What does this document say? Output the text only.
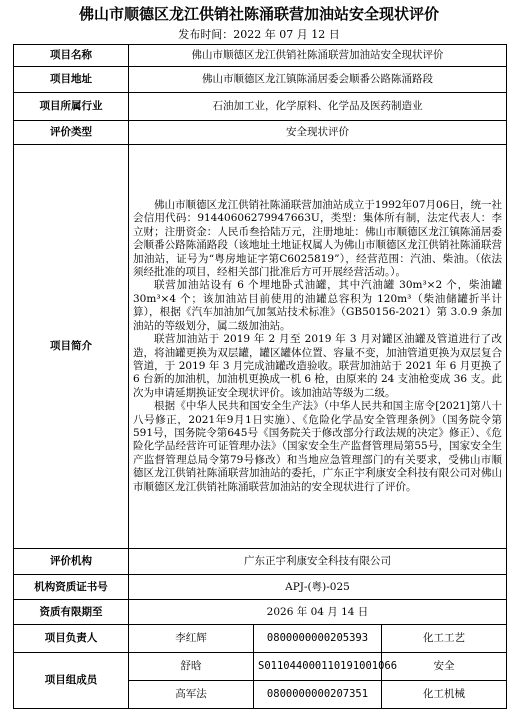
佛山市顺德区龙江供销社陈涌联营加油站安全现状评价
发布时间：2022 年 07 月 12 日
项目名称	佛山市顺德区龙江供销社陈涌联营加油站安全现状评价		
项目地址	佛山市顺德区龙江镇陈涌居委会顺番公路陈涌路段		
项目所属行业	石油加工业，化学原料、化学品及医药制造业		
评价类型	安全现状评价		
项目简介	佛山市顺德区龙江供销社陈涌联营加油站成立于1992年07月06日，统一社会信用代码：91440606279947663U，类型：集体所有制，法定代表人：李立财；注册资金：人民币叁拾陆万元，注册地址：佛山市顺德区龙江镇陈涌居委会顺番公路陈涌路段（该地址土地证权属人为佛山市顺德区龙江供销社陈涌联营加油站，证号为“粤房地证字第C6025819”），经营范围：汽油、柴油。（依法须经批准的项目，经相关部门批准后方可开展经营活动。）。

联营加油站设有 6 个埋地卧式油罐，其中汽油罐 30m³×2 个，柴油罐 30m³×4 个；该加油站目前使用的油罐总容积为 120m³（柴油储罐折半计算），根据《汽车加油加气加氢站技术标准》（GB50156-2021）第 3.0.9 条加油站的等级划分，属二级加油站。

联营加油站于 2019 年 2 月至 2019 年 3 月对罐区油罐及管道进行了改造，将油罐更换为双层罐，罐区罐体位置、容量不变，加油管道更换为双层复合管道，于 2019 年 3 月完成油罐改造验收。联营加油站于 2021 年 6 月更换了 6 台新的加油机，加油机更换成一机 6 枪，由原来的 24 支油枪变成 36 支。此次为申请延期换证安全现状评价。该加油站等级为二级。

根据《中华人民共和国安全生产法》（中华人民共和国主席令[2021]第八十八号修正，2021年9月1日实施）、《危险化学品安全管理条例》（国务院令第591号，国务院令第645号《国务院关于修改部分行政法规的决定》修正）、《危险化学品经营许可证管理办法》（国家安全生产监督管理局第55号，国家安全生产监督管理总局令第79号修改）和当地应急管理部门的有关要求，受佛山市顺德区龙江供销社陈涌联营加油站的委托，广东正宇利康安全科技有限公司对佛山市顺德区龙江供销社陈涌联营加油站的安全现状进行了评价。		

评价机构	广东正宇利康安全科技有限公司		
机构资质证书号	APJ-(粤)-025		
资质有限期至	2026 年 04 月 14 日		
项目负责人	李红辉	0800000000205393	化工工艺
项目组成员	舒晗	S011044000110191001066	安全
	高军法	0800000000207351	化工机械
